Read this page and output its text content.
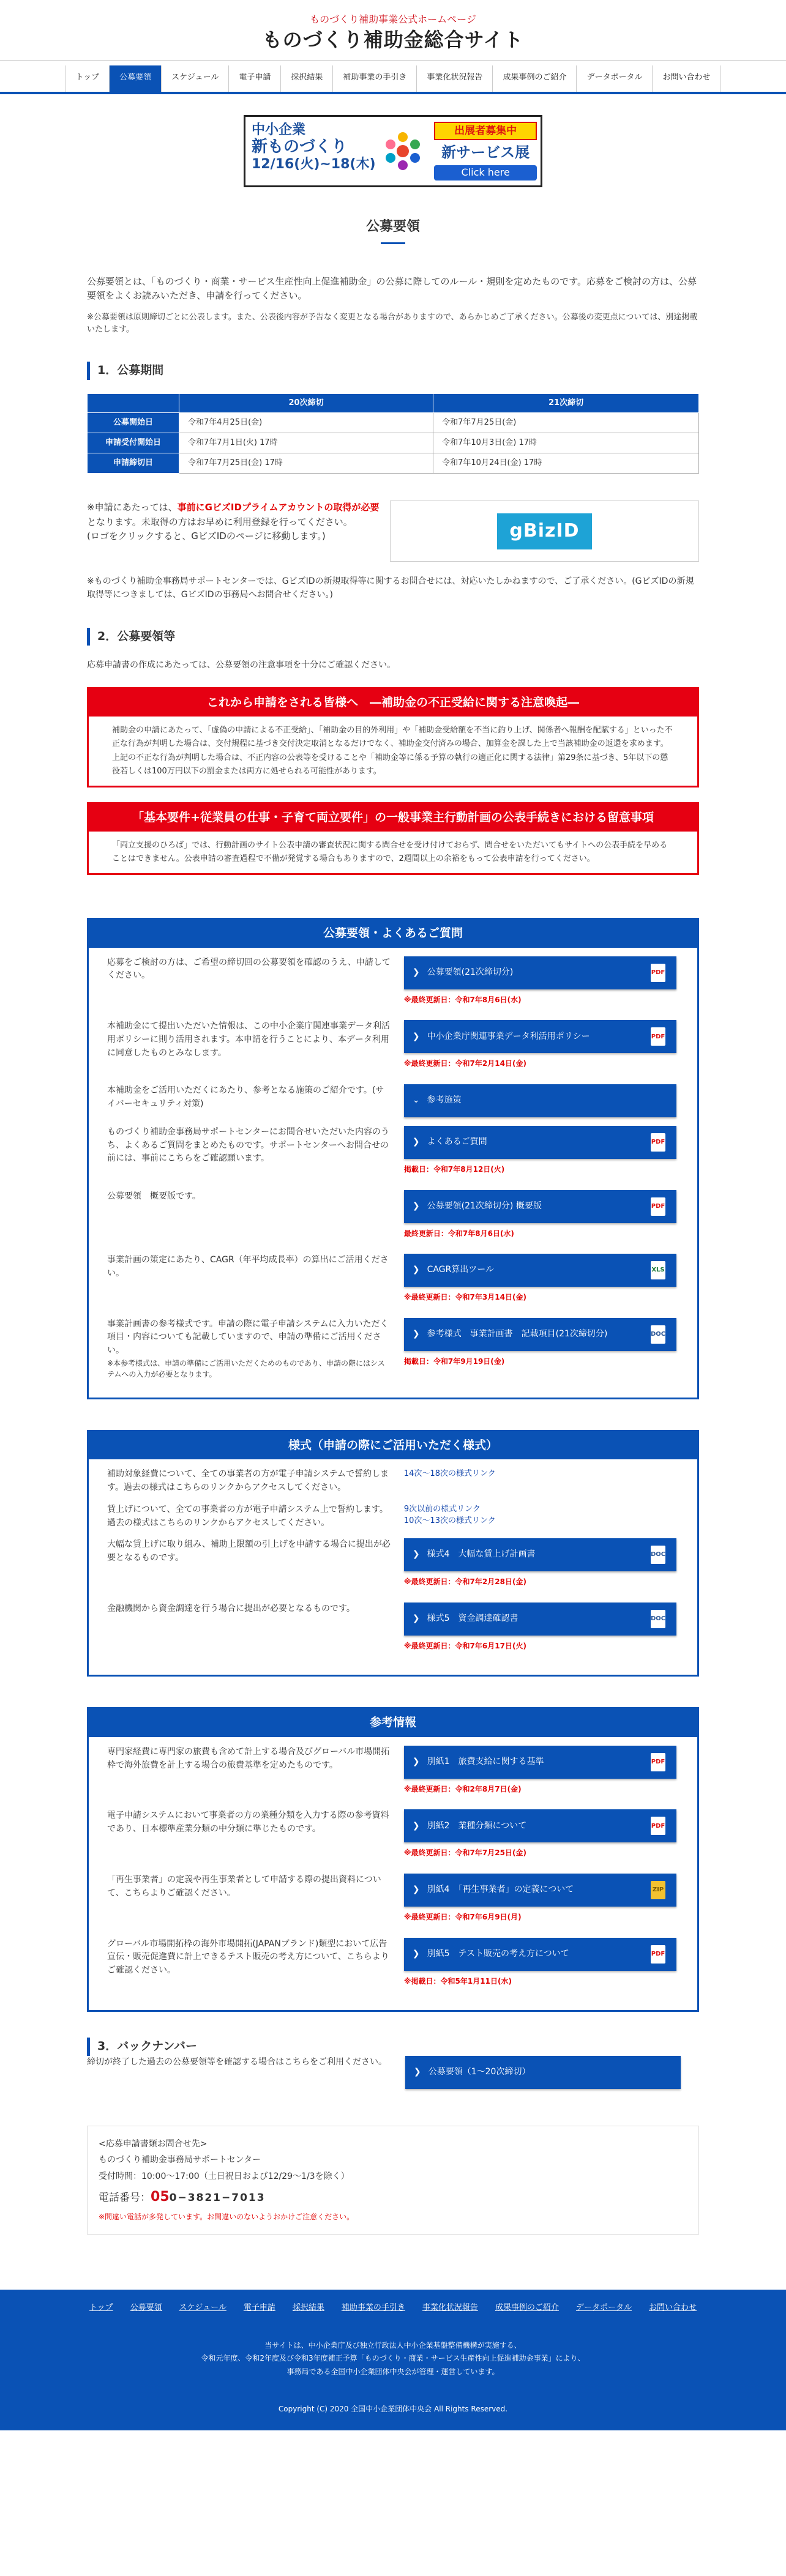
ものづくり補助事業公式ホームページ
ものづくり補助金総合サイト
トップ	公募要領	スケジュール	電子申請	採択結果	補助事業の手引き	事業化状況報告	成果事例のご紹介	データポータル	お問い合わせ
中小企業
新ものづくり
12/16(火)~18(木)
出展者募集中
新サービス展
Click here
公募要領

公募要領とは、「ものづくり・商業・サービス生産性向上促進補助金」の公募に際してのルール・規則を定めたものです。応募をご検討の方は、公募要領をよくお読みいただき、申請を行ってください。

※公募要領は原則締切ごとに公表します。また、公表後内容が予告なく変更となる場合がありますので、あらかじめご了承ください。公募後の変更点については、別途掲載いたします。

1．公募期間
	20次締切	21次締切
公募開始日	令和7年4月25日(金)	令和7年7月25日(金)
申請受付開始日	令和7年7月1日(火) 17時	令和7年10月3日(金) 17時
申請締切日	令和7年7月25日(金) 17時	令和7年10月24日(金) 17時
※申請にあたっては、事前にGビズIDプライムアカウントの取得が必要となります。未取得の方はお早めに利用登録を行ってください。
(ロゴをクリックすると、GビズIDのページに移動します。)	gBizID

※ものづくり補助金事務局サポートセンターでは、GビズIDの新規取得等に関するお問合せには、対応いたしかねますので、ご了承ください。(GビズIDの新規取得等につきましては、GビズIDの事務局へお問合せください。)

2．公募要領等

応募申請書の作成にあたっては、公募要領の注意事項を十分にご確認ください。

これから申請をされる皆様へ　―補助金の不正受給に関する注意喚起―
補助金の申請にあたって、「虚偽の申請による不正受給」、「補助金の目的外利用」や「補助金受給額を不当に釣り上げ、関係者へ報酬を配賦する」といった不正な行為が判明した場合は、交付規程に基づき交付決定取消となるだけでなく、補助金交付済みの場合、加算金を課した上で当該補助金の返還を求めます。上記の不正な行為が判明した場合は、不正内容の公表等を受けることや「補助金等に係る予算の執行の適正化に関する法律」第29条に基づき、5年以下の懲役若しくは100万円以下の罰金または両方に処せられる可能性があります。
「基本要件+従業員の仕事・子育て両立要件」の一般事業主行動計画の公表手続きにおける留意事項
「両立支援のひろば」では、行動計画のサイト公表申請の審査状況に関する問合せを受け付けておらず、問合せをいただいてもサイトへの公表手続を早めることはできません。公表申請の審査過程で不備が発覚する場合もありますので、2週間以上の余裕をもって公表申請を行ってください。
公募要領・よくあるご質問
応募をご検討の方は、ご希望の締切回の公募要領を確認のうえ、申請してください。	❯ 公募要領(21次締切分)	PDF
※最終更新日：令和7年8月6日(水)
本補助金にて提出いただいた情報は、この中小企業庁関連事業データ利活用ポリシーに則り活用されます。本申請を行うことにより、本データ利用に同意したものとみなします。
❯ 中小企業庁関連事業データ利活用ポリシー	PDF
※最終更新日：令和7年2月14日(金)
本補助金をご活用いただくにあたり、参考となる施策のご紹介です。(サイバーセキュリティ対策)	⌄ 参考施策
ものづくり補助金事務局サポートセンターにお問合せいただいた内容のうち、よくあるご質問をまとめたものです。サポートセンターへお問合せの前には、事前にこちらをご確認願います。
❯ よくあるご質問	PDF
掲載日：令和7年8月12日(火)
公募要領　概要版です。
❯ 公募要領(21次締切分) 概要版	PDF
最終更新日：令和7年8月6日(水)
事業計画の策定にあたり、CAGR（年平均成長率）の算出にご活用ください。	❯ CAGR算出ツール	XLS
※最終更新日：令和7年3月14日(金)
事業計画書の参考様式です。申請の際に電子申請システムに入力いただく項目・内容についても記載していますので、申請の準備にご活用ください。
※本参考様式は、申請の準備にご活用いただくためのものであり、申請の際にはシステムへの入力が必要となります。
❯ 参考様式　事業計画書　記載項目(21次締切分)	DOC
掲載日：令和7年9月19日(金)
様式（申請の際にご活用いただく様式）
補助対象経費について、全ての事業者の方が電子申請システムで誓約します。過去の様式はこちらのリンクからアクセスしてください。
14次〜18次の様式リンク
賃上げについて、全ての事業者の方が電子申請システム上で誓約します。過去の様式はこちらのリンクからアクセスしてください。
9次以前の様式リンク
10次〜13次の様式リンク
大幅な賃上げに取り組み、補助上限額の引上げを申請する場合に提出が必要となるものです。	❯ 様式4　大幅な賃上げ計画書	DOC
※最終更新日：令和7年2月28日(金)
金融機関から資金調達を行う場合に提出が必要となるものです。
❯ 様式5　資金調達確認書	DOC
※最終更新日：令和7年6月17日(火)
参考情報
専門家経費に専門家の旅費も含めて計上する場合及びグローバル市場開拓枠で海外旅費を計上する場合の旅費基準を定めたものです。	❯ 別紙1　旅費支給に関する基準	PDF
※最終更新日：令和2年8月7日(金)
電子申請システムにおいて事業者の方の業種分類を入力する際の参考資料であり、日本標準産業分類の中分類に準じたものです。	❯ 別紙2　業種分類について	PDF
※最終更新日：令和7年7月25日(金)
「再生事業者」の定義や再生事業者として申請する際の提出資料について、こちらよりご確認ください。	❯ 別紙4　「再生事業者」の定義について	ZIP
※最終更新日：令和7年6月9日(月)
グローバル市場開拓枠の海外市場開拓(JAPANブランド)類型において広告宣伝・販売促進費に計上できるテスト販売の考え方について、こちらよりご確認ください。
❯ 別紙5　テスト販売の考え方について	PDF
※掲載日：令和5年1月11日(水)
3．バックナンバー
締切が終了した過去の公募要領等を確認する場合はこちらをご利用ください。
❯ 公募要領（1〜20次締切）
<応募申請書類お問合せ先>
ものづくり補助金事務局サポートセンター
受付時間：10:00〜17:00（土日祝日および12/29〜1/3を除く）
電話番号：050−3821−7013
※間違い電話が多発しています。お間違いのないようおかけご注意ください。
トップ 公募要領 スケジュール 電子申請 採択結果 補助事業の手引き 事業化状況報告 成果事例のご紹介 データポータル お問い合わせ
当サイトは、中小企業庁及び独立行政法人中小企業基盤整備機構が実施する、
令和元年度、令和2年度及び令和3年度補正予算「ものづくり・商業・サービス生産性向上促進補助金事業」により、
事務局である全国中小企業団体中央会が管理・運営しています。
Copyright (C) 2020 全国中小企業団体中央会 All Rights Reserved.
